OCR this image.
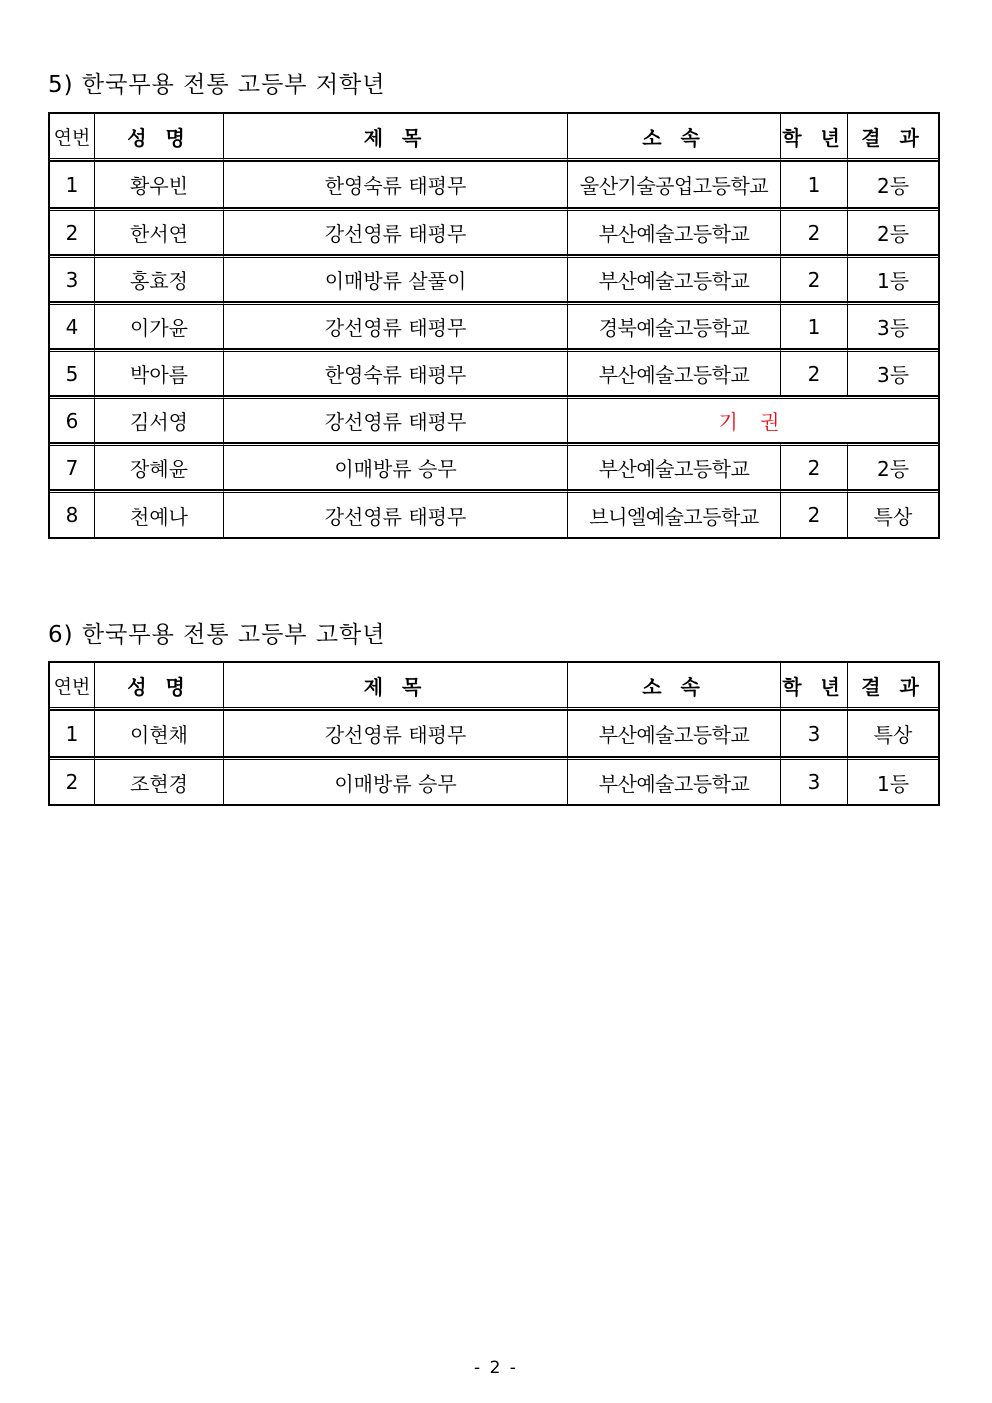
5) 한국무용 전통 고등부 저학년
연번	성 명	제 목	소 속	학 년	결 과
1	황우빈	한영숙류 태평무	울산기술공업고등학교	1	2등
2	한서연	강선영류 태평무	부산예술고등학교	2	2등
3	홍효정	이매방류 살풀이	부산예술고등학교	2	1등
4	이가윤	강선영류 태평무	경북예술고등학교	1	3등
5	박아름	한영숙류 태평무	부산예술고등학교	2	3등
6	김서영	강선영류 태평무	기 권		
7	장혜윤	이매방류 승무	부산예술고등학교	2	2등
8	천예나	강선영류 태평무	브니엘예술고등학교	2	특상
6) 한국무용 전통 고등부 고학년
연번	성 명	제 목	소 속	학 년	결 과
1	이현채	강선영류 태평무	부산예술고등학교	3	특상
2	조현경	이매방류 승무	부산예술고등학교	3	1등
- 2 -
